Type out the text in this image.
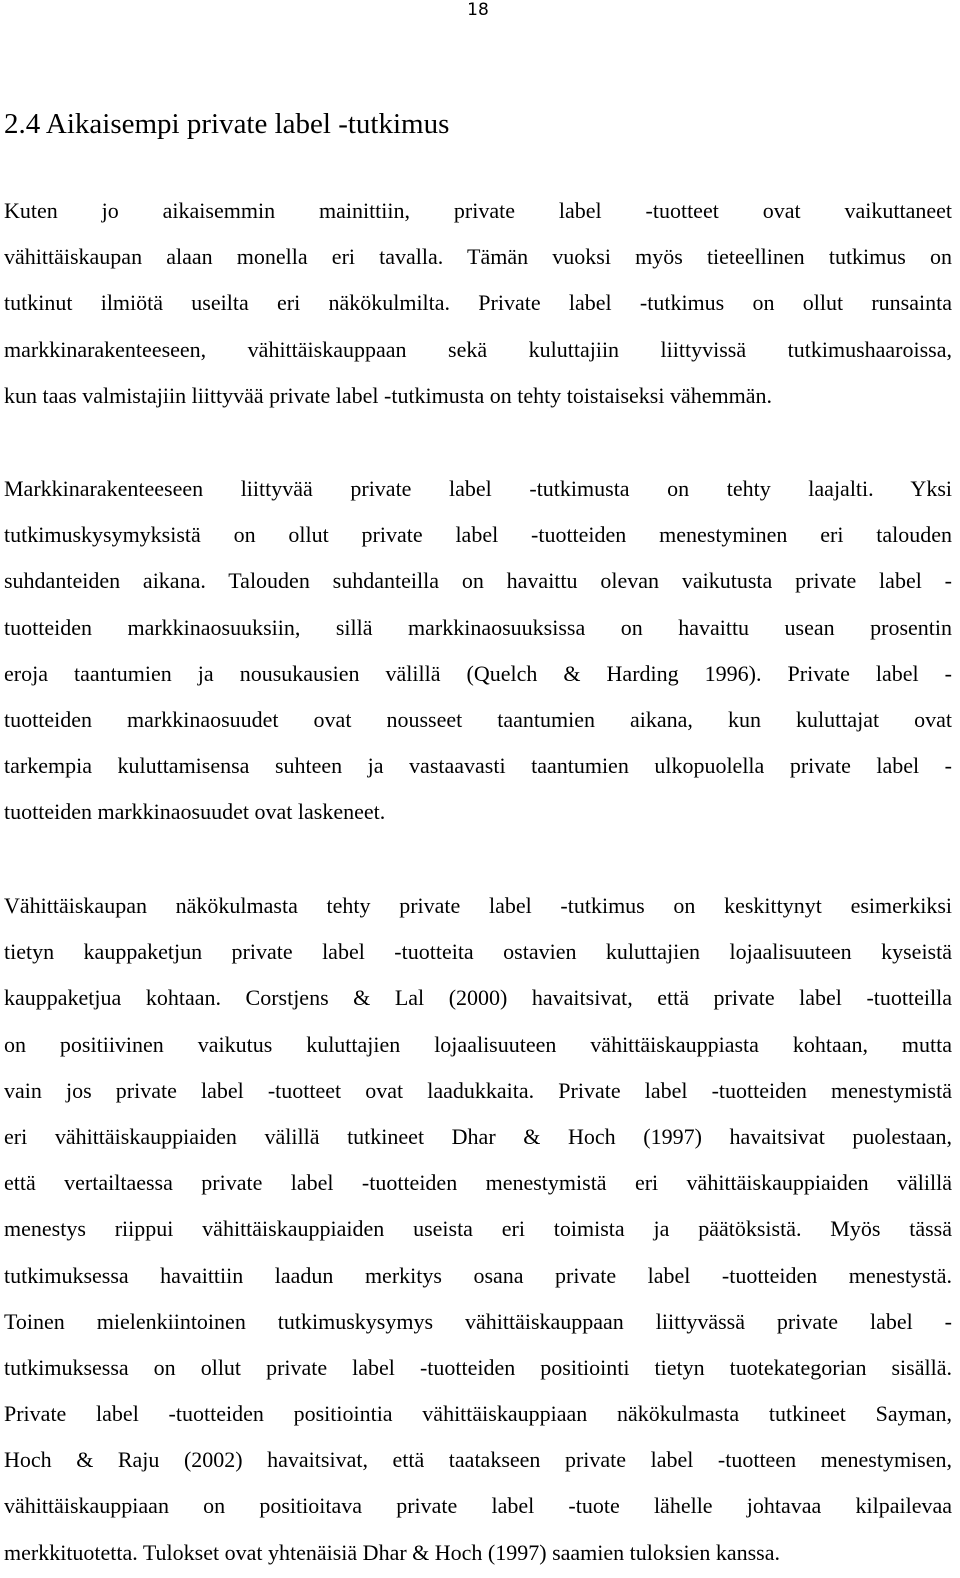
18
2.4 Aikaisempi private label -tutkimus
Kuten jo aikaisemmin mainittiin, private label -tuotteet ovat vaikuttaneet
vähittäiskaupan alaan monella eri tavalla. Tämän vuoksi myös tieteellinen tutkimus on
tutkinut ilmiötä useilta eri näkökulmilta. Private label -tutkimus on ollut runsainta
markkinarakenteeseen, vähittäiskauppaan sekä kuluttajiin liittyvissä tutkimushaaroissa,
kun taas valmistajiin liittyvää private label -tutkimusta on tehty toistaiseksi vähemmän.
Markkinarakenteeseen liittyvää private label -tutkimusta on tehty laajalti. Yksi
tutkimuskysymyksistä on ollut private label -tuotteiden menestyminen eri talouden
suhdanteiden aikana. Talouden suhdanteilla on havaittu olevan vaikutusta private label -
tuotteiden markkinaosuuksiin, sillä markkinaosuuksissa on havaittu usean prosentin
eroja taantumien ja nousukausien välillä (Quelch & Harding 1996). Private label -
tuotteiden markkinaosuudet ovat nousseet taantumien aikana, kun kuluttajat ovat
tarkempia kuluttamisensa suhteen ja vastaavasti taantumien ulkopuolella private label -
tuotteiden markkinaosuudet ovat laskeneet.
Vähittäiskaupan näkökulmasta tehty private label -tutkimus on keskittynyt esimerkiksi
tietyn kauppaketjun private label -tuotteita ostavien kuluttajien lojaalisuuteen kyseistä
kauppaketjua kohtaan. Corstjens & Lal (2000) havaitsivat, että private label -tuotteilla
on positiivinen vaikutus kuluttajien lojaalisuuteen vähittäiskauppiasta kohtaan, mutta
vain jos private label -tuotteet ovat laadukkaita. Private label -tuotteiden menestymistä
eri vähittäiskauppiaiden välillä tutkineet Dhar & Hoch (1997) havaitsivat puolestaan,
että vertailtaessa private label -tuotteiden menestymistä eri vähittäiskauppiaiden välillä
menestys riippui vähittäiskauppiaiden useista eri toimista ja päätöksistä. Myös tässä
tutkimuksessa havaittiin laadun merkitys osana private label -tuotteiden menestystä.
Toinen mielenkiintoinen tutkimuskysymys vähittäiskauppaan liittyvässä private label -
tutkimuksessa on ollut private label -tuotteiden positiointi tietyn tuotekategorian sisällä.
Private label -tuotteiden positiointia vähittäiskauppiaan näkökulmasta tutkineet Sayman,
Hoch & Raju (2002) havaitsivat, että taatakseen private label -tuotteen menestymisen,
vähittäiskauppiaan on positioitava private label -tuote lähelle johtavaa kilpailevaa
merkkituotetta. Tulokset ovat yhtenäisiä Dhar & Hoch (1997) saamien tuloksien kanssa.
